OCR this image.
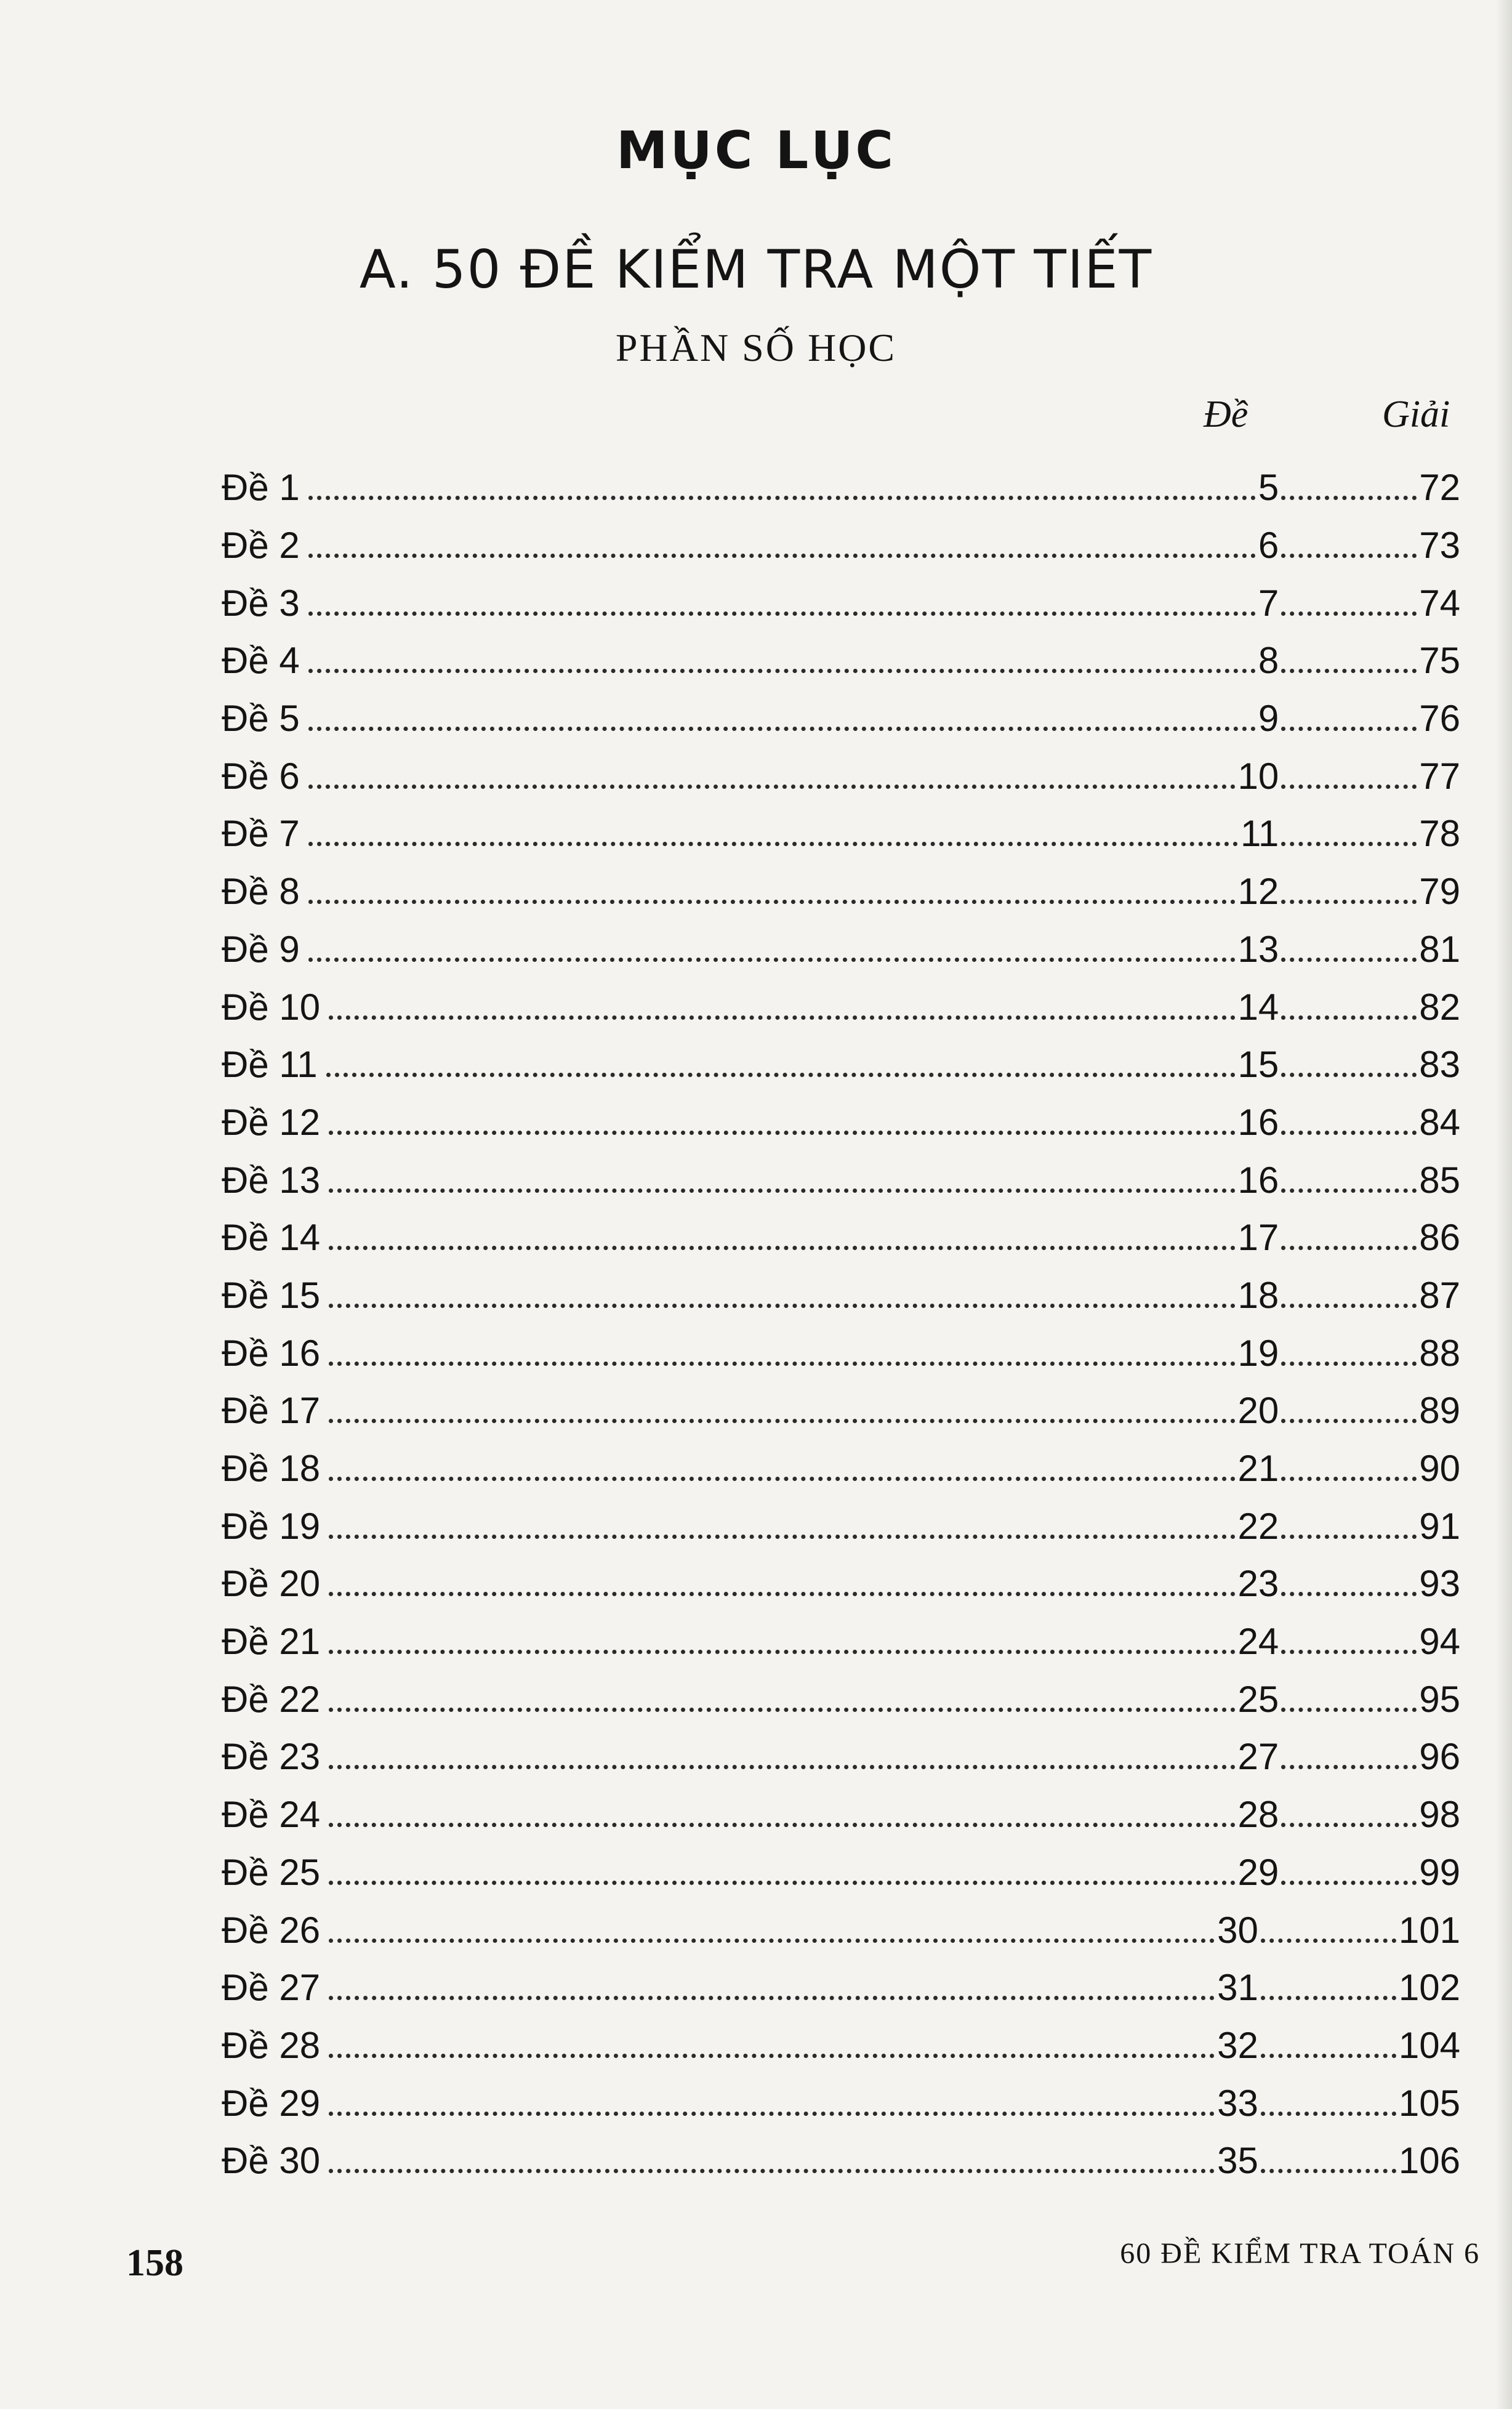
MỤC LỤC
A. 50 ĐỀ KIỂM TRA MỘT TIẾT
PHẦN SỐ HỌC
Đề	Giải
Đề 1	5	72
Đề 2	6	73
Đề 3	7	74
Đề 4	8	75
Đề 5	9	76
Đề 6	10	77
Đề 7	11	78
Đề 8	12	79
Đề 9	13	81
Đề 10	14	82
Đề 11	15	83
Đề 12	16	84
Đề 13	16	85
Đề 14	17	86
Đề 15	18	87
Đề 16	19	88
Đề 17	20	89
Đề 18	21	90
Đề 19	22	91
Đề 20	23	93
Đề 21	24	94
Đề 22	25	95
Đề 23	27	96
Đề 24	28	98
Đề 25	29	99
Đề 26	30	101
Đề 27	31	102
Đề 28	32	104
Đề 29	33	105
Đề 30	35	106
158	60 ĐỀ KIỂM TRA TOÁN 6
